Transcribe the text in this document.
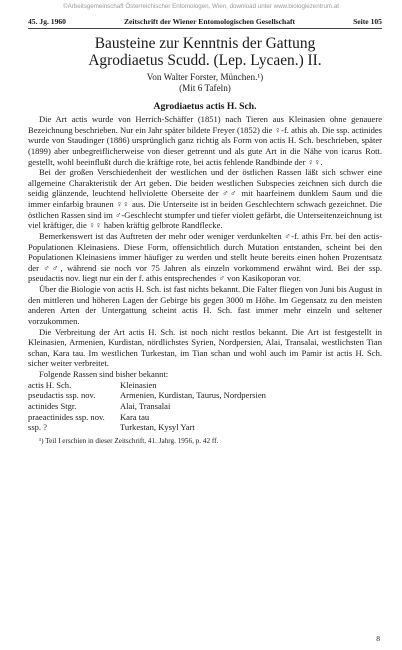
©Arbeitsgemeinschaft Österreichischer Entomologen, Wien, download unter www.biologiezentrum.at
45. Jg. 1960	Zeitschrift der Wiener Entomologischen Gesellschaft	Seite 105
Bausteine zur Kenntnis der Gattung
Agrodiaetus Scudd. (Lep. Lycaen.) II.
Von Walter Forster, München.¹)
(Mit 6 Tafeln)
Agrodiaetus actis H. Sch.

Die Art actis wurde von Herrich-Schäffer (1851) nach Tieren aus Kleinasien ohne genauere Bezeichnung beschrieben. Nur ein Jahr später bildete Freyer (1852) die ♀-f. athis ab. Die ssp. actinides wurde von Staudinger (1886) ursprünglich ganz richtig als Form von actis H. Sch. beschrieben, später (1899) aber unbegreiflicherweise von dieser getrennt und als gute Art in die Nähe von icarus Rott. gestellt, wohl beeinflußt durch die kräftige rote, bei actis fehlende Randbinde der ♀♀.

Bei der großen Verschiedenheit der westlichen und der östlichen Rassen läßt sich schwer eine allgemeine Charakteristik der Art geben. Die beiden westlichen Subspecies zeichnen sich durch die seidig glänzende, leuchtend hellviolette Oberseite der ♂♂ mit haarfeinem dunklem Saum und die immer einfarbig braunen ♀♀ aus. Die Unterseite ist in beiden Geschlechtern schwach gezeichnet. Die östlichen Rassen sind im ♂-Geschlecht stumpfer und tiefer violett gefärbt, die Unterseitenzeichnung ist viel kräftiger, die ♀♀ haben kräftig gelbrote Randflecke.

Bemerkenswert ist das Auftreten der mehr oder weniger verdunkelten ♂-f. athis Frr. bei den actis-Populationen Kleinasiens. Diese Form, offensichtlich durch Mutation entstanden, scheint bei den Populationen Kleinasiens immer häufiger zu werden und stellt heute bereits einen hohen Prozentsatz der ♂♂, während sie noch vor 75 Jahren als einzeln vorkommend erwähnt wird. Bei der ssp. pseudactis nov. liegt nur ein der f. athis entsprechendes ♂ von Kasikoporan vor.

Über die Biologie von actis H. Sch. ist fast nichts bekannt. Die Falter fliegen von Juni bis August in den mittleren und höheren Lagen der Gebirge bis gegen 3000 m Höhe. Im Gegensatz zu den meisten anderen Arten der Untergattung scheint actis H. Sch. fast immer mehr einzeln und seltener vorzukommen.

Die Verbreitung der Art actis H. Sch. ist noch nicht restlos bekannt. Die Art ist festgestellt in Kleinasien, Armenien, Kurdistan, nördlichstes Syrien, Nordpersien, Alai, Transalai, westlichsten Tian schan, Kara tau. Im westlichen Turkestan, im Tian schan und wohl auch im Pamir ist actis H. Sch. sicher weiter verbreitet.

Folgende Rassen sind bisher bekannt:

actis H. Sch.	Kleinasien
pseudactis ssp. nov.	Armenien, Kurdistan, Taurus, Nordpersien
actinides Stgr.	Alai, Transalai
praeactinides ssp. nov.	Kara tau
ssp. ?	Turkestan, Kysyl Yart
¹) Teil I erschien in dieser Zeitschrift, 41. Jahrg. 1956, p. 42 ff.
8
